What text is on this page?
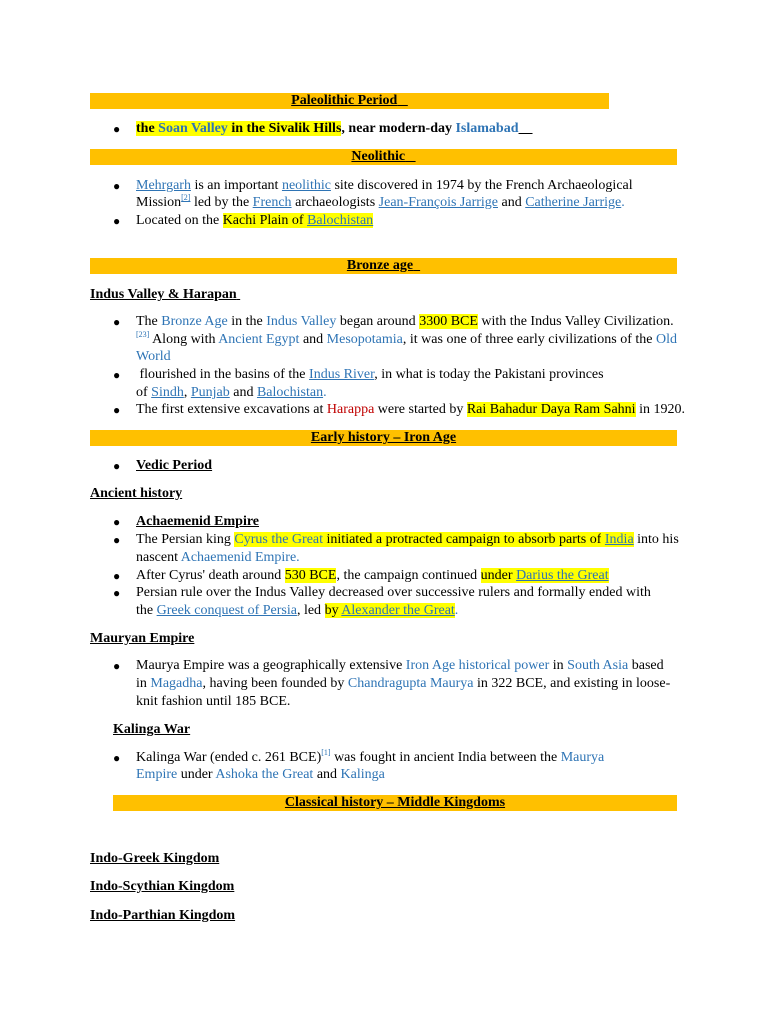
Paleolithic Period
● the Soan Valley in the Sivalik Hills, near modern-day Islamabad
Neolithic
● Mehrgarh is an important neolithic site discovered in 1974 by the French Archaeological
Mission[2] led by the French archaeologists Jean-François Jarrige and Catherine Jarrige.
● Located on the Kachi Plain of Balochistan
Bronze age
Indus Valley & Harapan
● The Bronze Age in the Indus Valley began around 3300 BCE with the Indus Valley Civilization.
[23] Along with Ancient Egypt and Mesopotamia, it was one of three early civilizations of the Old
World
● flourished in the basins of the Indus River, in what is today the Pakistani provinces
of Sindh, Punjab and Balochistan.
● The first extensive excavations at Harappa were started by Rai Bahadur Daya Ram Sahni in 1920.
Early history – Iron Age
● Vedic Period
Ancient history
● Achaemenid Empire
● The Persian king Cyrus the Great initiated a protracted campaign to absorb parts of India into his
nascent Achaemenid Empire.
● After Cyrus' death around 530 BCE, the campaign continued under Darius the Great
● Persian rule over the Indus Valley decreased over successive rulers and formally ended with
the Greek conquest of Persia, led by Alexander the Great.
Mauryan Empire
● Maurya Empire was a geographically extensive Iron Age historical power in South Asia based
in Magadha, having been founded by Chandragupta Maurya in 322 BCE, and existing in loose-
knit fashion until 185 BCE.
Kalinga War
● Kalinga War (ended c. 261 BCE)[1] was fought in ancient India between the Maurya
Empire under Ashoka the Great and Kalinga
Classical history – Middle Kingdoms
Indo-Greek Kingdom
Indo-Scythian Kingdom
Indo-Parthian Kingdom
